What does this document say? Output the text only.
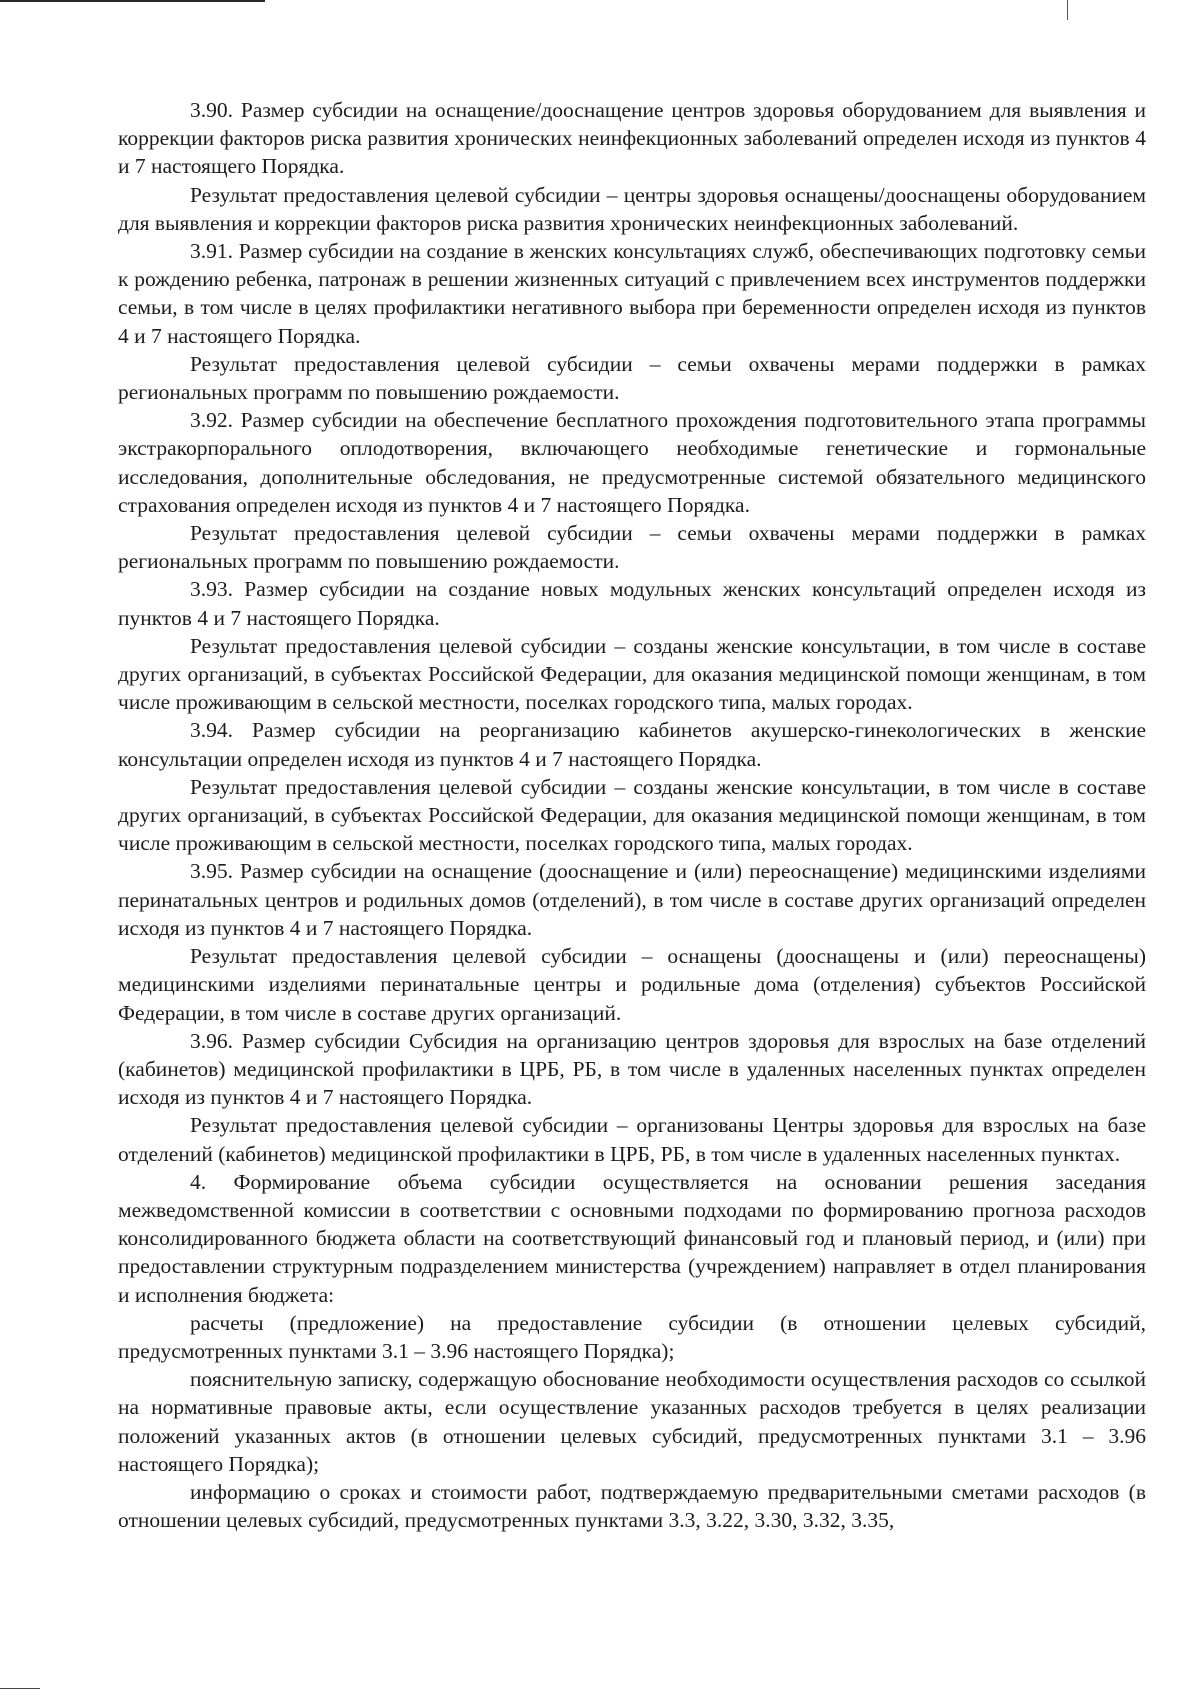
3.90. Размер субсидии на оснащение/дооснащение центров здоровья оборудованием для выявления и коррекции факторов риска развития хронических неинфекционных заболеваний определен исходя из пунктов 4 и 7 настоящего Порядка.

Результат предоставления целевой субсидии – центры здоровья оснащены/дооснащены оборудованием для выявления и коррекции факторов риска развития хронических неинфекционных заболеваний.

3.91. Размер субсидии на создание в женских консультациях служб, обеспечивающих подготовку семьи к рождению ребенка, патронаж в решении жизненных ситуаций с привлечением всех инструментов поддержки семьи, в том числе в целях профилактики негативного выбора при беременности определен исходя из пунктов 4 и 7 настоящего Порядка.

Результат предоставления целевой субсидии – семьи охвачены мерами поддержки в рамках региональных программ по повышению рождаемости.

3.92. Размер субсидии на обеспечение бесплатного прохождения подготовительного этапа программы экстракорпорального оплодотворения, включающего необходимые генетические и гормональные исследования, дополнительные обследования, не предусмотренные системой обязательного медицинского страхования определен исходя из пунктов 4 и 7 настоящего Порядка.

Результат предоставления целевой субсидии – семьи охвачены мерами поддержки в рамках региональных программ по повышению рождаемости.

3.93. Размер субсидии на создание новых модульных женских консультаций определен исходя из пунктов 4 и 7 настоящего Порядка.

Результат предоставления целевой субсидии – созданы женские консультации, в том числе в составе других организаций, в субъектах Российской Федерации, для оказания медицинской помощи женщинам, в том числе проживающим в сельской местности, поселках городского типа, малых городах.

3.94. Размер субсидии на реорганизацию кабинетов акушерско-гинекологических в женские консультации определен исходя из пунктов 4 и 7 настоящего Порядка.

Результат предоставления целевой субсидии – созданы женские консультации, в том числе в составе других организаций, в субъектах Российской Федерации, для оказания медицинской помощи женщинам, в том числе проживающим в сельской местности, поселках городского типа, малых городах.

3.95. Размер субсидии на оснащение (дооснащение и (или) переоснащение) медицинскими изделиями перинатальных центров и родильных домов (отделений), в том числе в составе других организаций определен исходя из пунктов 4 и 7 настоящего Порядка.

Результат предоставления целевой субсидии – оснащены (дооснащены и (или) переоснащены) медицинскими изделиями перинатальные центры и родильные дома (отделения) субъектов Российской Федерации, в том числе в составе других организаций.

3.96. Размер субсидии Субсидия на организацию центров здоровья для взрослых на базе отделений (кабинетов) медицинской профилактики в ЦРБ, РБ, в том числе в удаленных населенных пунктах определен исходя из пунктов 4 и 7 настоящего Порядка.

Результат предоставления целевой субсидии – организованы Центры здоровья для взрослых на базе отделений (кабинетов) медицинской профилактики в ЦРБ, РБ, в том числе в удаленных населенных пунктах.

4. Формирование объема субсидии осуществляется на основании решения заседания межведомственной комиссии в соответствии с основными подходами по формированию прогноза расходов консолидированного бюджета области на соответствующий финансовый год и плановый период, и (или) при предоставлении структурным подразделением министерства (учреждением) направляет в отдел планирования и исполнения бюджета:

расчеты (предложение) на предоставление субсидии (в отношении целевых субсидий, предусмотренных пунктами 3.1 – 3.96 настоящего Порядка);

пояснительную записку, содержащую обоснование необходимости осуществления расходов со ссылкой на нормативные правовые акты, если осуществление указанных расходов требуется в целях реализации положений указанных актов (в отношении целевых субсидий, предусмотренных пунктами 3.1 – 3.96 настоящего Порядка);

информацию о сроках и стоимости работ, подтверждаемую предварительными сметами расходов (в отношении целевых субсидий, предусмотренных пунктами 3.3, 3.22, 3.30, 3.32, 3.35,
